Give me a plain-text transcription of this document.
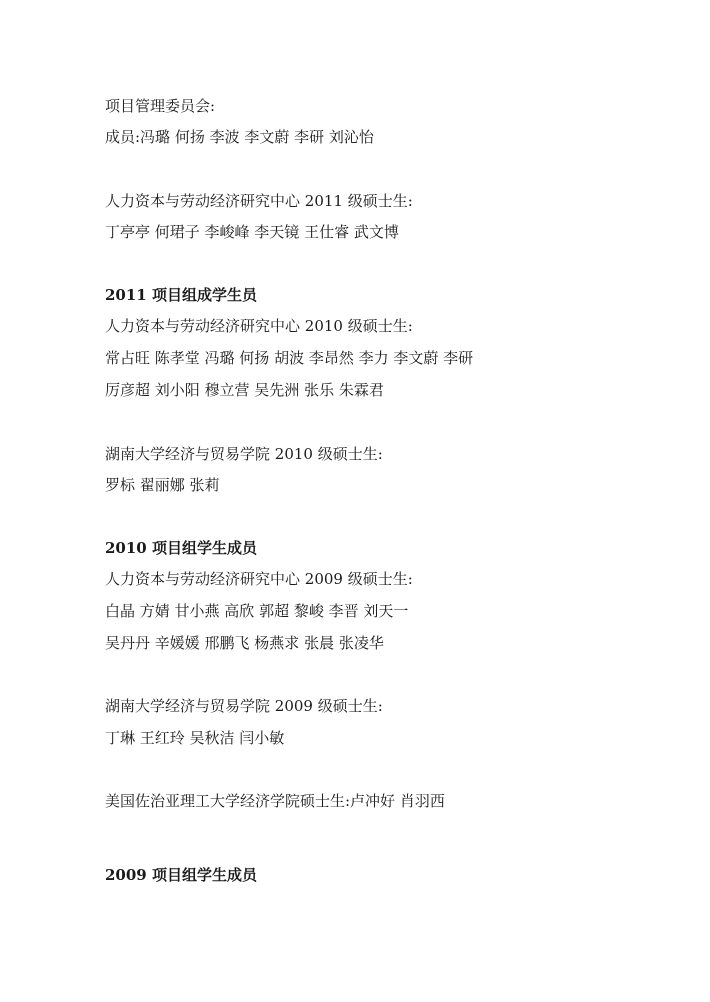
项目管理委员会:
成员:冯璐 何扬 李波 李文蔚 李研 刘沁怡
人力资本与劳动经济研究中心 2011 级硕士生:
丁亭亭 何珺子 李峻峰 李天镜 王仕睿 武文博
2011 项目组成学生员
人力资本与劳动经济研究中心 2010 级硕士生:
常占旺 陈孝堂 冯璐 何扬 胡波 李昂然 李力 李文蔚 李研
厉彦超 刘小阳 穆立营 吴先洲 张乐 朱霖君
湖南大学经济与贸易学院 2010 级硕士生:
罗标 翟丽娜 张莉
2010 项目组学生成员
人力资本与劳动经济研究中心 2009 级硕士生:
白晶 方婧 甘小燕 高欣 郭超 黎峻 李晋 刘天一
吴丹丹 辛媛媛 邢鹏飞 杨燕求 张晨 张凌华
湖南大学经济与贸易学院 2009 级硕士生:
丁琳 王红玲 吴秋洁 闫小敏
美国佐治亚理工大学经济学院硕士生:卢冲好 肖羽西
2009 项目组学生成员
